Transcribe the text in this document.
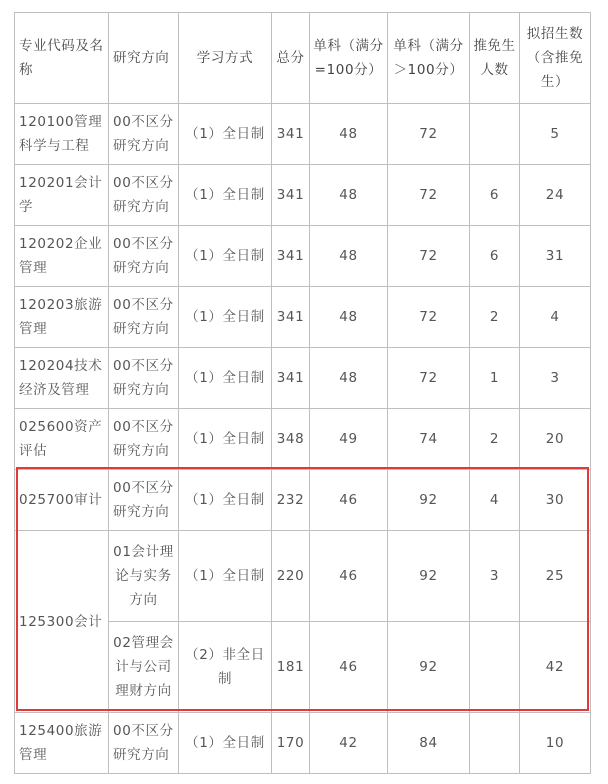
专业代码及名称	研究方向	学习方式	总分	单科（满分=100分）	单科（满分＞100分）	推免生人数	拟招生数（含推免生）
120100管理科学与工程	00不区分研究方向	（1）全日制	341	48	72		5
120201会计学	00不区分研究方向	（1）全日制	341	48	72	6	24
120202企业管理	00不区分研究方向	（1）全日制	341	48	72	6	31
120203旅游管理	00不区分研究方向	（1）全日制	341	48	72	2	4
120204技术经济及管理	00不区分研究方向	（1）全日制	341	48	72	1	3
025600资产评估	00不区分研究方向	（1）全日制	348	49	74	2	20
025700审计	00不区分研究方向	（1）全日制	232	46	92	4	30
125300会计	01会计理论与实务方向	（1）全日制	220	46	92	3	25
	02管理会计与公司理财方向	（2）非全日制	181	46	92		42
125400旅游管理	00不区分研究方向	（1）全日制	170	42	84		10
